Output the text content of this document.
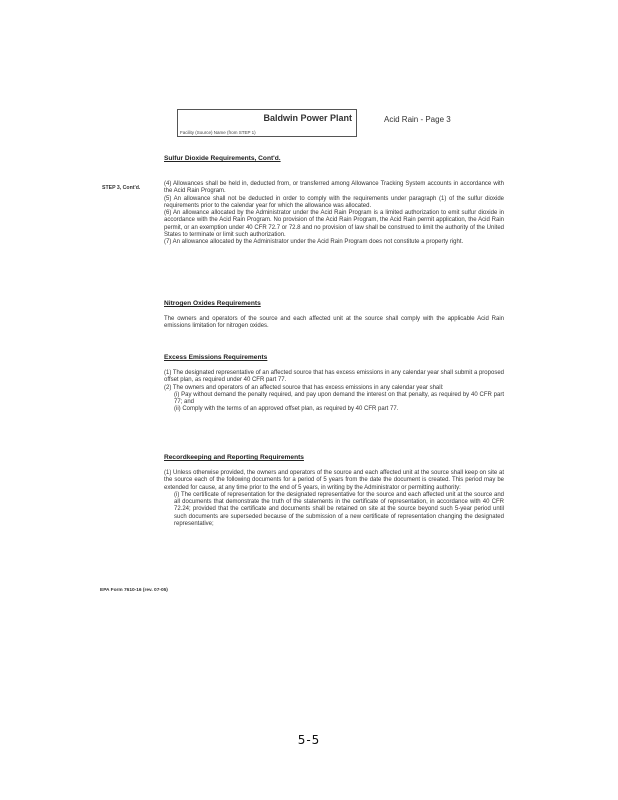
Baldwin Power Plant
Facility (Source) Name (from STEP 1)
Acid Rain - Page 3
STEP 3, Cont'd.

Sulfur Dioxide Requirements, Cont'd.

(4) Allowances shall be held in, deducted from, or transferred among Allowance Tracking System accounts in accordance with the Acid Rain Program.

(5) An allowance shall not be deducted in order to comply with the requirements under paragraph (1) of the sulfur dioxide requirements prior to the calendar year for which the allowance was allocated.

(6) An allowance allocated by the Administrator under the Acid Rain Program is a limited authorization to emit sulfur dioxide in accordance with the Acid Rain Program. No provision of the Acid Rain Program, the Acid Rain permit application, the Acid Rain permit, or an exemption under 40 CFR 72.7 or 72.8 and no provision of law shall be construed to limit the authority of the United States to terminate or limit such authorization.

(7) An allowance allocated by the Administrator under the Acid Rain Program does not constitute a property right.

Nitrogen Oxides Requirements

The owners and operators of the source and each affected unit at the source shall comply with the applicable Acid Rain emissions limitation for nitrogen oxides.

Excess Emissions Requirements

(1) The designated representative of an affected source that has excess emissions in any calendar year shall submit a proposed offset plan, as required under 40 CFR part 77.

(2) The owners and operators of an affected source that has excess emissions in any calendar year shall:

(i) Pay without demand the penalty required, and pay upon demand the interest on that penalty, as required by 40 CFR part 77; and

(ii) Comply with the terms of an approved offset plan, as required by 40 CFR part 77.

Recordkeeping and Reporting Requirements

(1) Unless otherwise provided, the owners and operators of the source and each affected unit at the source shall keep on site at the source each of the following documents for a period of 5 years from the date the document is created. This period may be extended for cause, at any time prior to the end of 5 years, in writing by the Administrator or permitting authority:

(i) The certificate of representation for the designated representative for the source and each affected unit at the source and all documents that demonstrate the truth of the statements in the certificate of representation, in accordance with 40 CFR 72.24; provided that the certificate and documents shall be retained on site at the source beyond such 5-year period until such documents are superseded because of the submission of a new certificate of representation changing the designated representative;

EPA Form 7610-16 (rev. 07-05)
5-5
